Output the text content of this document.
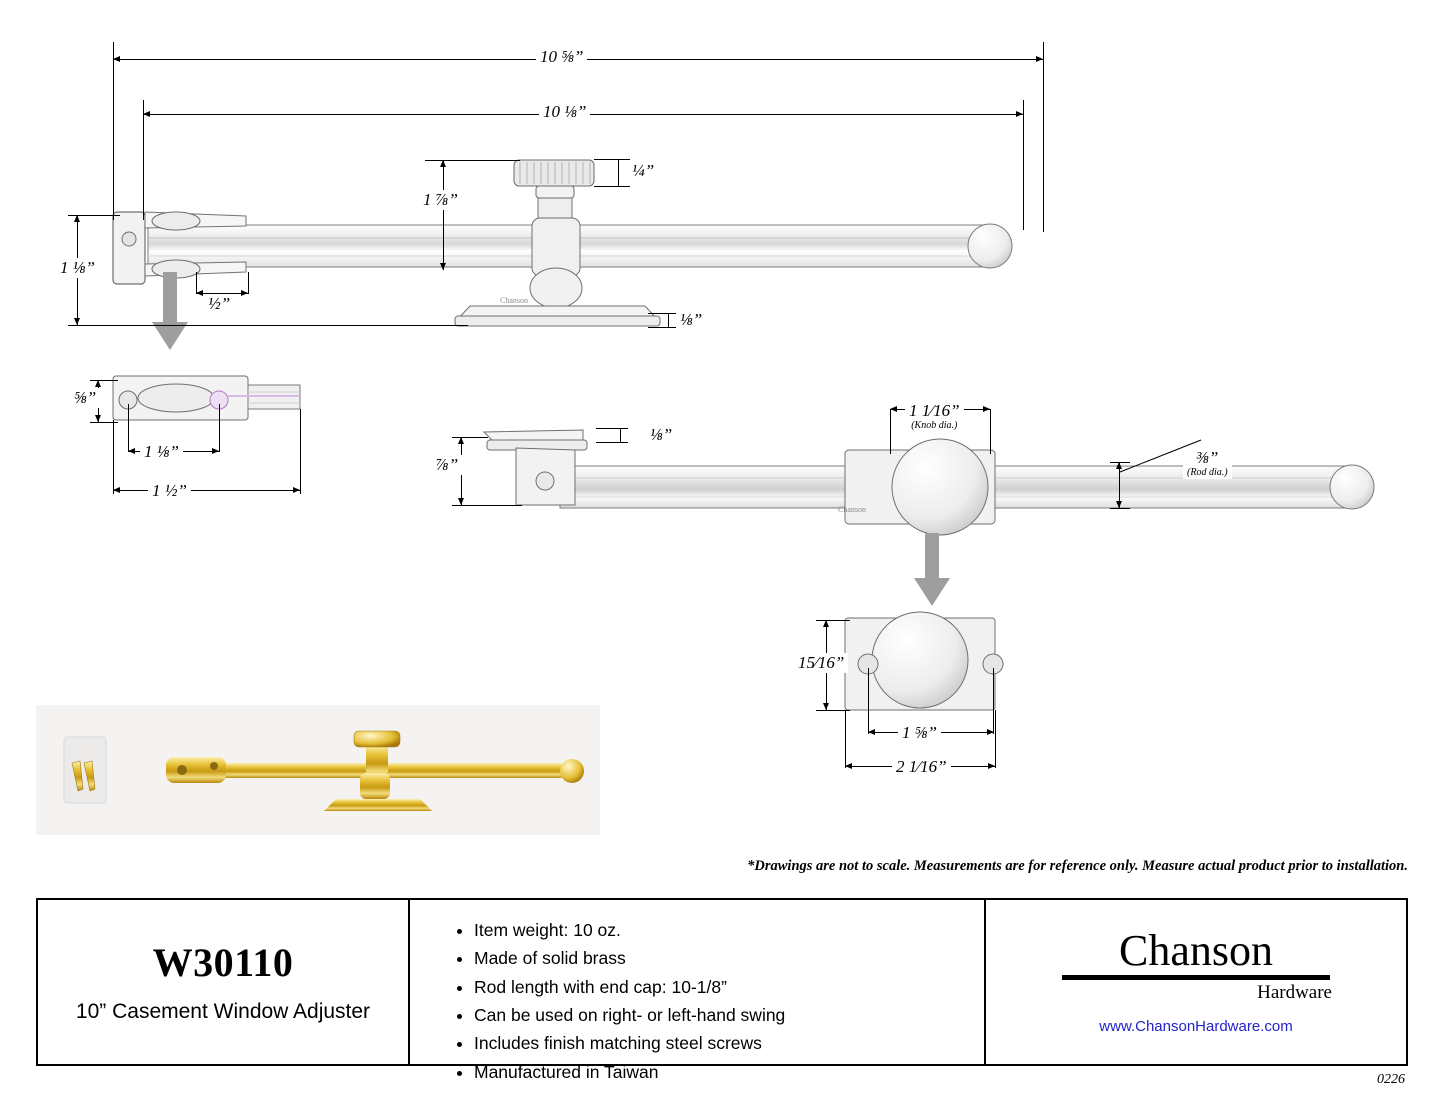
Chanson
10 ⅝”
10 ⅛”
1 ⅞”
¼”
1 ⅛”
½”
⅛”
⅝”
1 ⅛”
1 ½”
Chanson
⅛”
⅞”
1 1⁄16”
(Knob dia.)
⅜”
(Rod dia.)
15⁄16”
1 ⅝”
2 1⁄16”
*Drawings are not to scale. Measurements are for reference only. Measure actual product prior to installation.
W30110
10” Casement Window Adjuster
• Item weight: 10 oz.
• Made of solid brass
• Rod length with end cap: 10-1/8”
• Can be used on right- or left-hand swing
• Includes finish matching steel screws
• Manufactured in Taiwan
Chanson
Hardware
www.ChansonHardware.com
0226
